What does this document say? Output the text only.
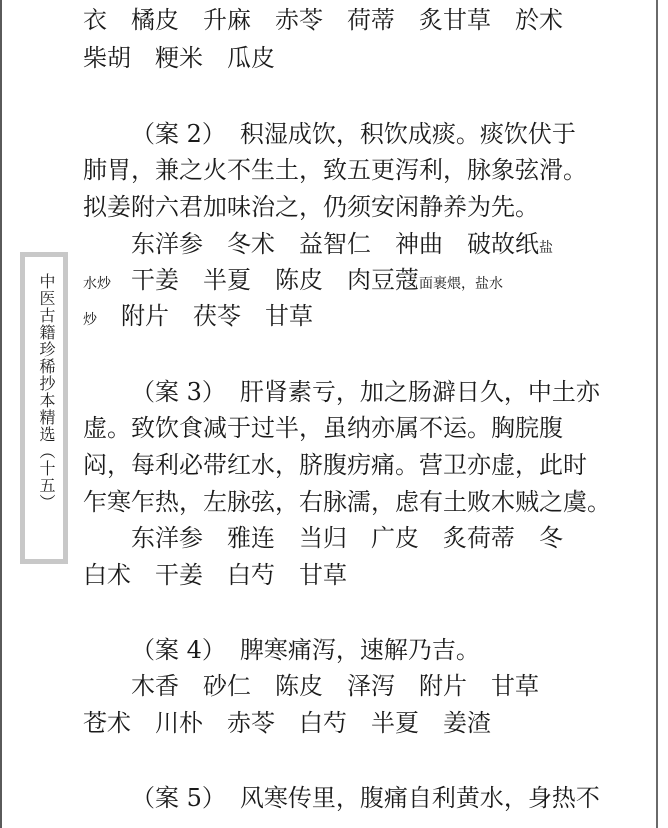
中医古籍珍稀抄本精选（十五）
衣　橘皮　升麻　赤苓　荷蒂　炙甘草　於术
柴胡　粳米　瓜皮
（案 2） 积湿成饮，积饮成痰。痰饮伏于
肺胃，兼之火不生土，致五更泻利，脉象弦滑。
拟姜附六君加味治之，仍须安闲静养为先。
东洋参　冬术　益智仁　神曲　破故纸盐
水炒 干姜　半夏　陈皮　肉豆蔻面裹煨，盐水
炒 附片　茯苓　甘草
（案 3） 肝肾素亏，加之肠澼日久，中土亦
虚。致饮食减于过半，虽纳亦属不运。胸脘腹
闷，每利必带红水，脐腹疠痛。营卫亦虚，此时
乍寒乍热，左脉弦，右脉濡，虑有土败木贼之虞。
东洋参　雅连　当归　广皮　炙荷蒂　冬
白术　干姜　白芍　甘草
（案 4） 脾寒痛泻，速解乃吉。
木香　砂仁　陈皮　泽泻　附片　甘草
苍术　川朴　赤苓　白芍　半夏　姜渣
（案 5） 风寒传里，腹痛自利黄水，身热不
